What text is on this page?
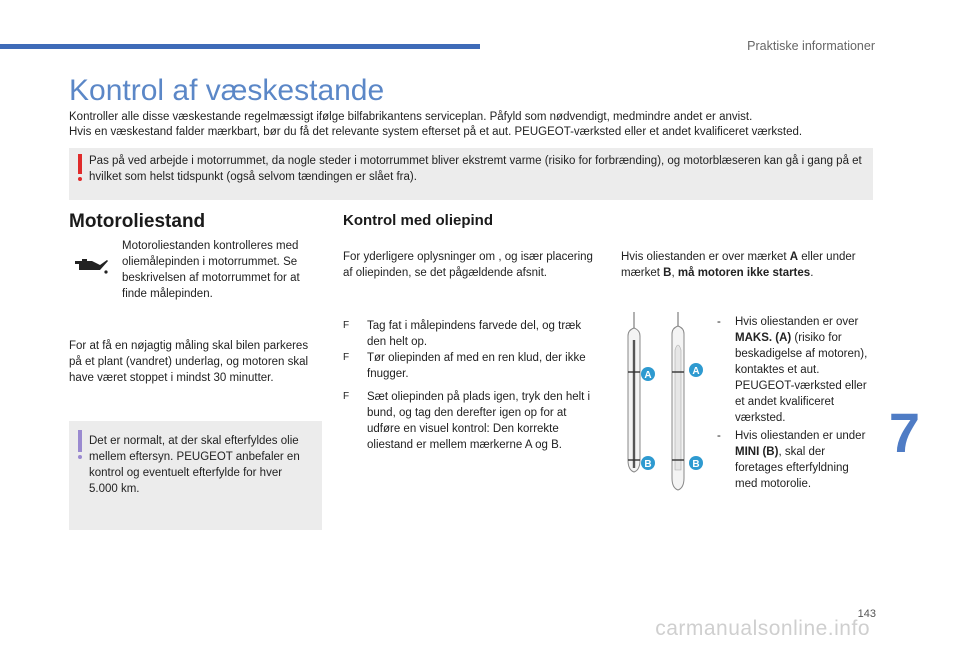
Praktiske informationer
Kontrol af væskestande
Kontroller alle disse væskestande regelmæssigt ifølge bilfabrikantens serviceplan. Påfyld som nødvendigt, medmindre andet er anvist.
Hvis en væskestand falder mærkbart, bør du få det relevante system efterset på et aut. PEUGEOT-værksted eller et andet kvalificeret værksted.
Pas på ved arbejde i motorrummet, da nogle steder i motorrummet bliver ekstremt varme (risiko for forbrænding), og motorblæseren kan gå i gang på et hvilket som helst tidspunkt (også selvom tændingen er slået fra).
Motoroliestand
Motoroliestanden kontrolleres med oliemålepinden i motorrummet. Se beskrivelsen af motorrummet for at finde målepinden.
For at få en nøjagtig måling skal bilen parkeres på et plant (vandret) underlag, og motoren skal have været stoppet i mindst 30 minutter.
Det er normalt, at der skal efterfyldes olie mellem eftersyn. PEUGEOT anbefaler en kontrol og eventuelt efterfylde for hver 5.000 km.
Kontrol med oliepind
For yderligere oplysninger om , og især placering af oliepinden, se det pågældende afsnit.
F	Tag fat i målepindens farvede del, og træk den helt op.
F	Tør oliepinden af med en ren klud, der ikke fnugger.
F	Sæt oliepinden på plads igen, tryk den helt i bund, og tag den derefter igen op for at udføre en visuel kontrol: Den korrekte oliestand er mellem mærkerne A og B.
Hvis oliestanden er over mærket A eller under mærket B, må motoren ikke startes.
A	A
B	B
-	Hvis oliestanden er over MAKS. (A) (risiko for beskadigelse af motoren), kontaktes et aut. PEUGEOT-værksted eller et andet kvalificeret værksted.
-	Hvis oliestanden er under MINI (B), skal der foretages efterfyldning med motorolie.
7
143
carmanualsonline.info
